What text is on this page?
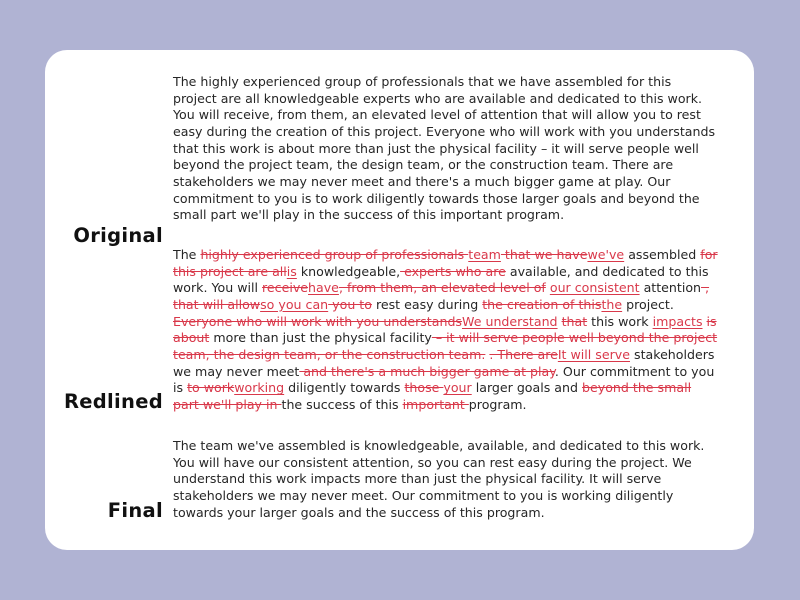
Original
The highly experienced group of professionals that we have assembled for this project are all knowledgeable experts who are available and dedicated to this work. You will receive, from them, an elevated level of attention that will allow you to rest easy during the creation of this project. Everyone who will work with you understands that this work is about more than just the physical facility – it will serve people well beyond the project team, the design team, or the construction team. There are stakeholders we may never meet and there's a much bigger game at play. Our commitment to you is to work diligently towards those larger goals and beyond the small part we'll play in the success of this important program.
Redlined
The highly experienced group of professionals team that we havewe've assembled for this project are allis knowledgeable, experts who are available, and dedicated to this work. You will receivehave, from them, an elevated level of our consistent attention , that will allowso you can you to rest easy during the creation of thisthe project. Everyone who will work with you understandsWe understand that this work impacts is about more than just the physical facility – it will serve people well beyond the project team, the design team, or the construction team. . There areIt will serve stakeholders we may never meet and there's a much bigger game at play. Our commitment to you is to workworking diligently towards those your larger goals and beyond the small part we'll play in the success of this important program.
Final
The team we've assembled is knowledgeable, available, and dedicated to this work. You will have our consistent attention, so you can rest easy during the project. We understand this work impacts more than just the physical facility. It will serve stakeholders we may never meet. Our commitment to you is working diligently towards your larger goals and the success of this program.
